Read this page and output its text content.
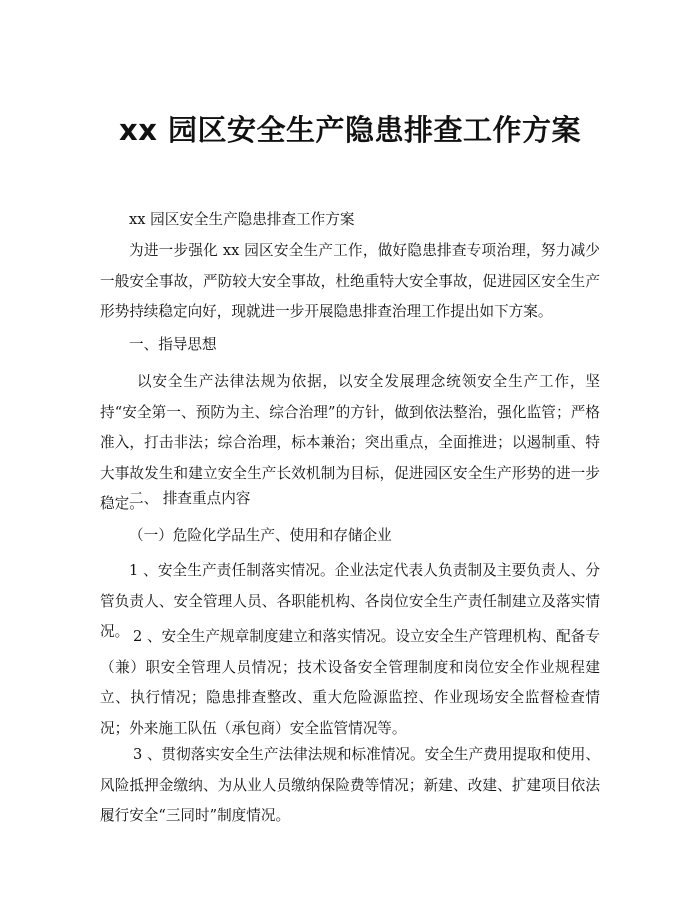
xx 园区安全生产隐患排查工作方案

xx 园区安全生产隐患排查工作方案

为进一步强化 xx 园区安全生产工作，做好隐患排查专项治理，努力减少一般安全事故，严防较大安全事故，杜绝重特大安全事故，促进园区安全生产形势持续稳定向好，现就进一步开展隐患排查治理工作提出如下方案。

一、指导思想

以安全生产法律法规为依据，以安全发展理念统领安全生产工作，坚持“安全第一、预防为主、综合治理”的方针，做到依法整治，强化监管；严格准入，打击非法；综合治理，标本兼治；突出重点，全面推进；以遏制重、特大事故发生和建立安全生产长效机制为目标，促进园区安全生产形势的进一步稳定。

二、 排查重点内容

（一）危险化学品生产、使用和存储企业

1 、安全生产责任制落实情况。企业法定代表人负责制及主要负责人、分管负责人、安全管理人员、各职能机构、各岗位安全生产责任制建立及落实情况。 2 、安全生产规章制度建立和落实情况。设立安全生产管理机构、配备专（兼）职安全管理人员情况；技术设备安全管理制度和岗位安全作业规程建立、执行情况；隐患排查整改、重大危险源监控、作业现场安全监督检查情况；外来施工队伍（承包商）安全监管情况等。

3 、贯彻落实安全生产法律法规和标准情况。安全生产费用提取和使用、风险抵押金缴纳、为从业人员缴纳保险费等情况；新建、改建、扩建项目依法履行安全“三同时”制度情况。
